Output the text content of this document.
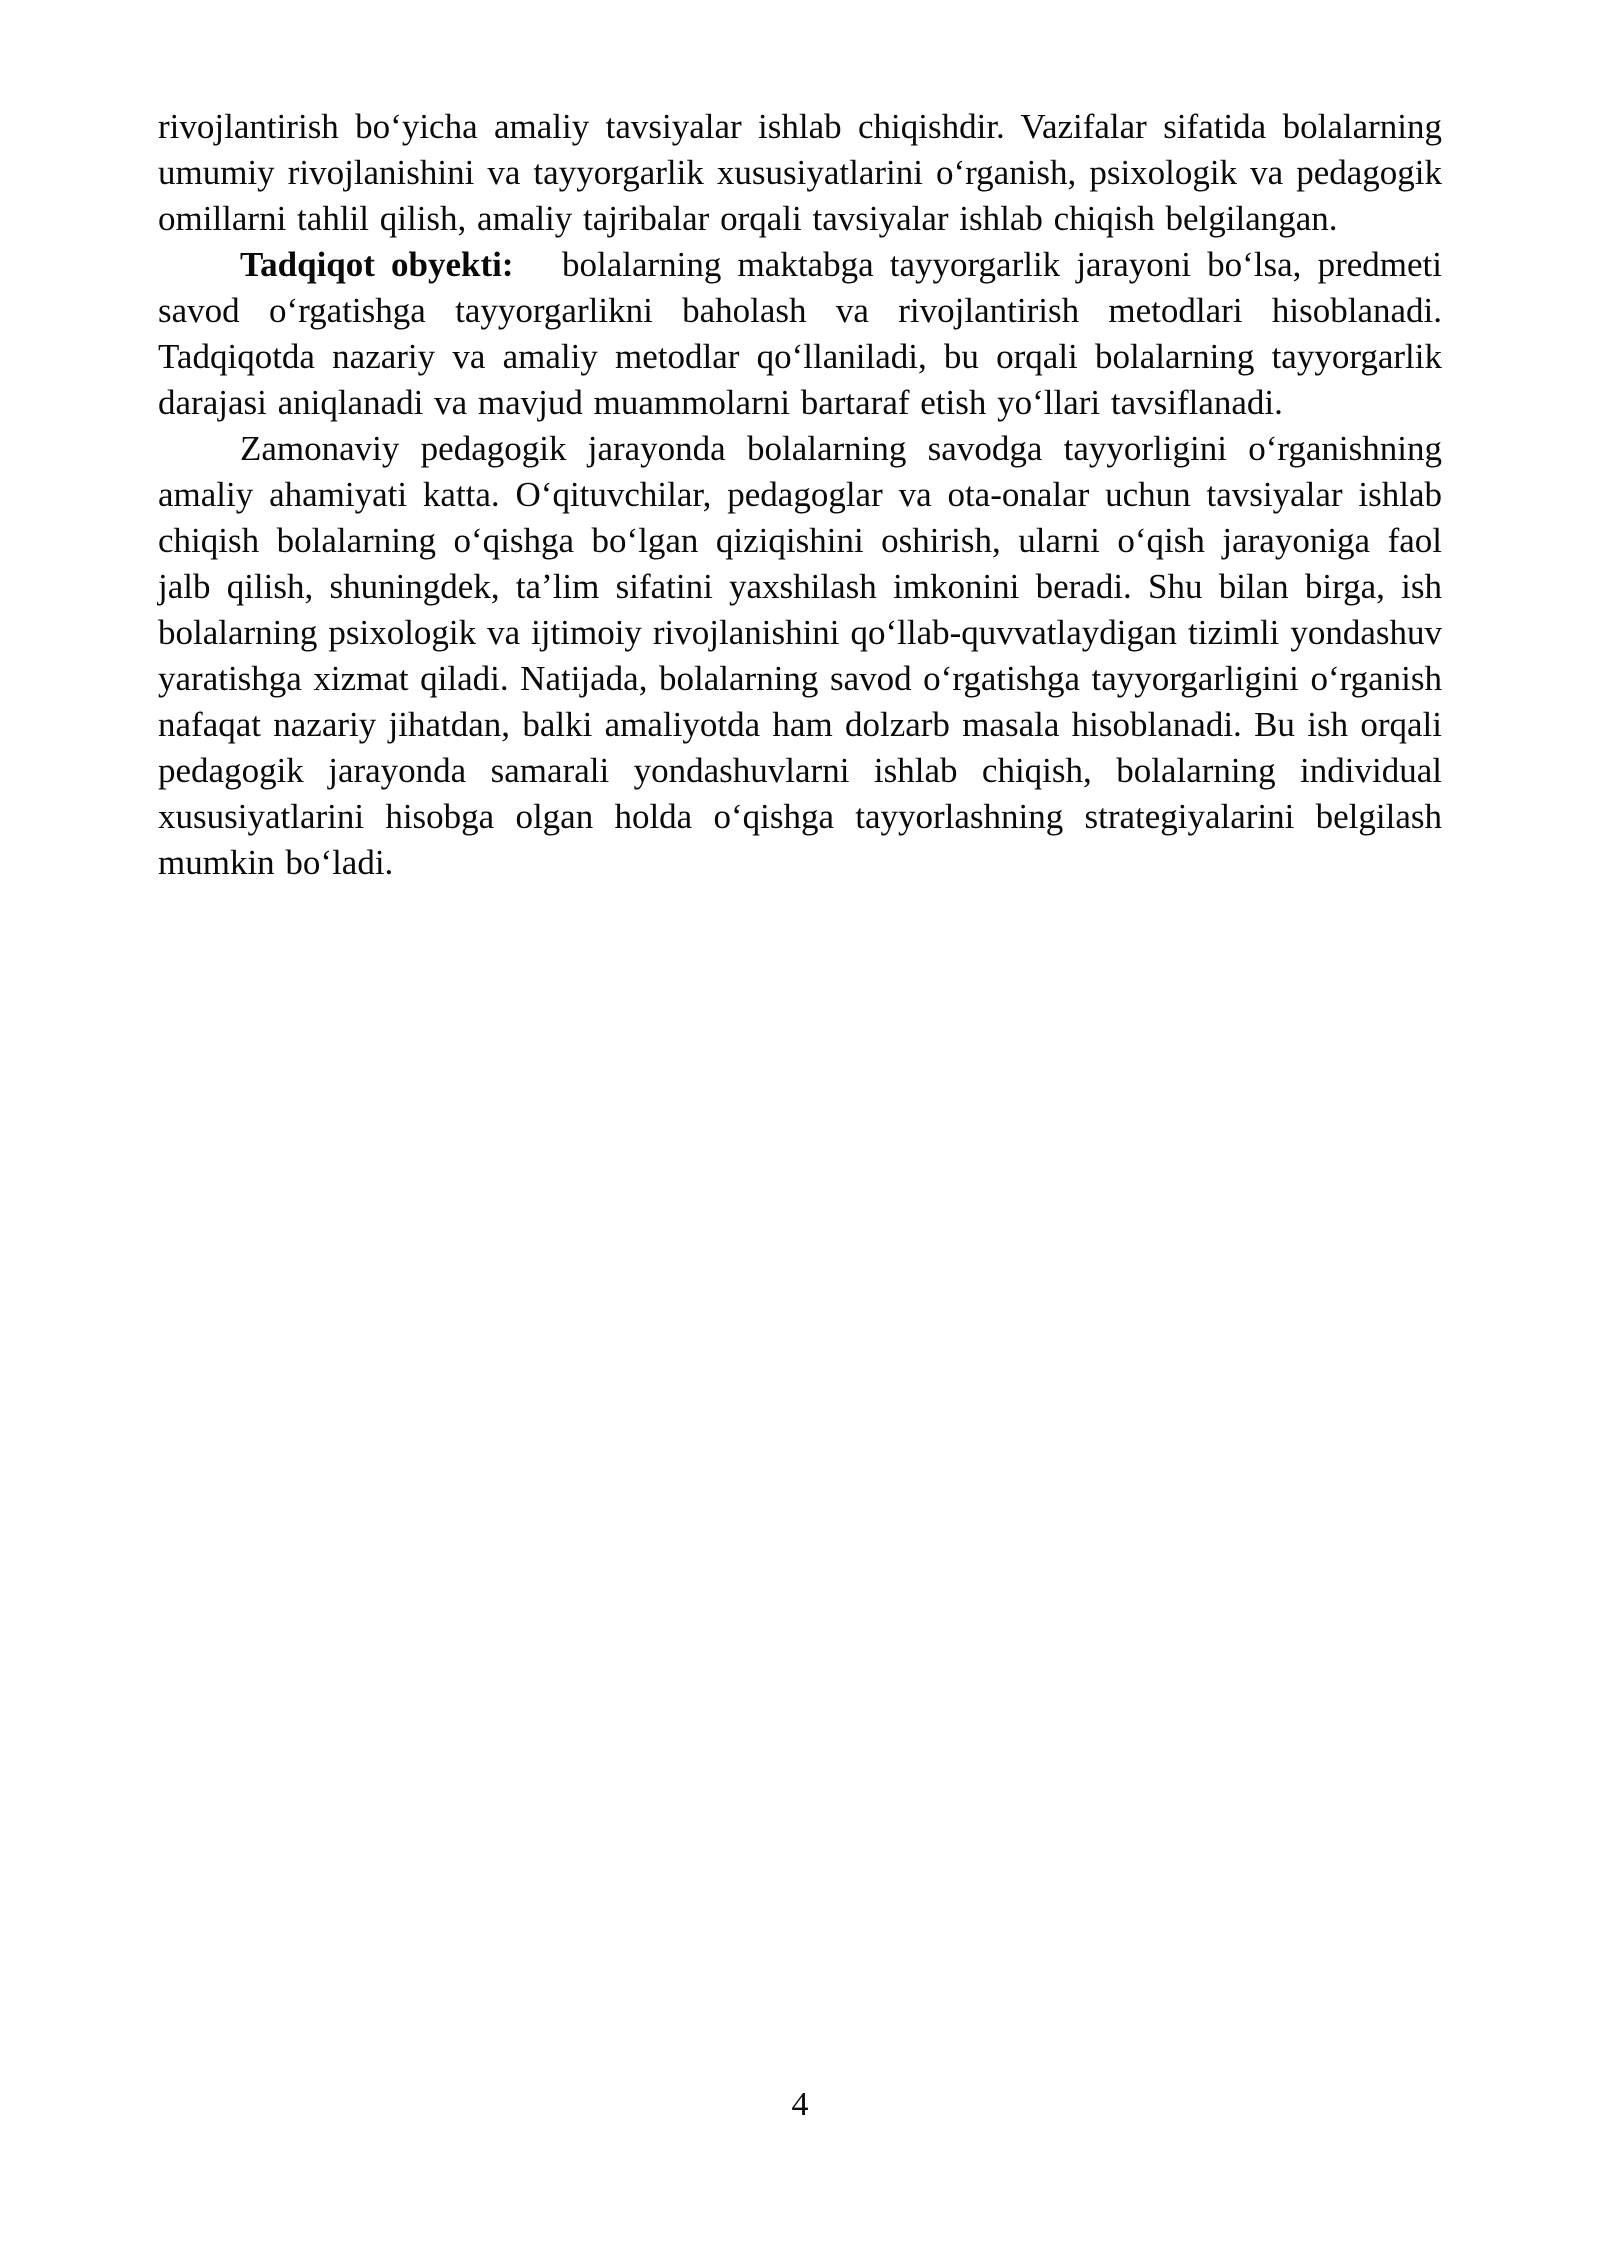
rivojlantirish boʻyicha amaliy tavsiyalar ishlab chiqishdir. Vazifalar sifatida bolalarning umumiy rivojlanishini va tayyorgarlik xususiyatlarini oʻrganish, psixologik va pedagogik omillarni tahlil qilish, amaliy tajribalar orqali tavsiyalar ishlab chiqish belgilangan.

Tadqiqot obyekti:   bolalarning maktabga tayyorgarlik jarayoni boʻlsa, predmeti savod oʻrgatishga tayyorgarlikni baholash va rivojlantirish metodlari hisoblanadi. Tadqiqotda nazariy va amaliy metodlar qoʻllaniladi, bu orqali bolalarning tayyorgarlik darajasi aniqlanadi va mavjud muammolarni bartaraf etish yoʻllari tavsiflanadi.

Zamonaviy pedagogik jarayonda bolalarning savodga tayyorligini oʻrganishning amaliy ahamiyati katta. Oʻqituvchilar, pedagoglar va ota-onalar uchun tavsiyalar ishlab chiqish bolalarning oʻqishga boʻlgan qiziqishini oshirish, ularni oʻqish jarayoniga faol jalb qilish, shuningdek, taʼlim sifatini yaxshilash imkonini beradi. Shu bilan birga, ish bolalarning psixologik va ijtimoiy rivojlanishini qoʻllab-quvvatlaydigan tizimli yondashuv yaratishga xizmat qiladi. Natijada, bolalarning savod oʻrgatishga tayyorgarligini oʻrganish nafaqat nazariy jihatdan, balki amaliyotda ham dolzarb masala hisoblanadi. Bu ish orqali pedagogik jarayonda samarali yondashuvlarni ishlab chiqish, bolalarning individual xususiyatlarini hisobga olgan holda oʻqishga tayyorlashning strategiyalarini belgilash mumkin boʻladi.

4
